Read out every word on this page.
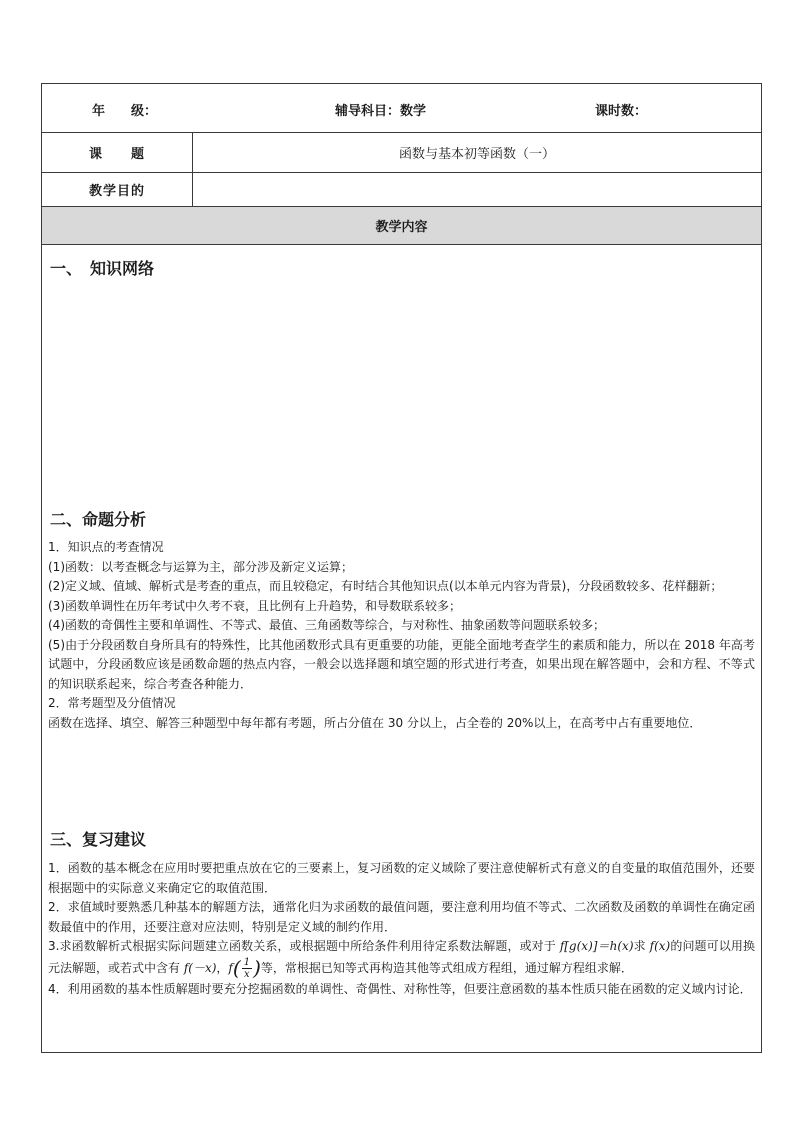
年　　级：	辅导科目：数学	课时数：
课　　题	函数与基本初等函数（一）
教学目的
教学内容
一、　知识网络
二、命题分析

1．知识点的考查情况

(1)函数：以考查概念与运算为主，部分涉及新定义运算；

(2)定义域、值域、解析式是考查的重点，而且较稳定，有时结合其他知识点(以本单元内容为背景)，分段函数较多、花样翻新；

(3)函数单调性在历年考试中久考不衰，且比例有上升趋势，和导数联系较多；

(4)函数的奇偶性主要和单调性、不等式、最值、三角函数等综合，与对称性、抽象函数等问题联系较多；

(5)由于分段函数自身所具有的特殊性，比其他函数形式具有更重要的功能，更能全面地考查学生的素质和能力，所以在 2018 年高考试题中，分段函数应该是函数命题的热点内容，一般会以选择题和填空题的形式进行考查，如果出现在解答题中，会和方程、不等式的知识联系起来，综合考查各种能力．

2．常考题型及分值情况

函数在选择、填空、解答三种题型中每年都有考题，所占分值在 30 分以上，占全卷的 20%以上，在高考中占有重要地位．

三、复习建议

1．函数的基本概念在应用时要把重点放在它的三要素上，复习函数的定义域除了要注意使解析式有意义的自变量的取值范围外，还要根据题中的实际意义来确定它的取值范围．

2．求值域时要熟悉几种基本的解题方法，通常化归为求函数的最值问题，要注意利用均值不等式、二次函数及函数的单调性在确定函数最值中的作用，还要注意对应法则，特别是定义域的制约作用．

3.求函数解析式根据实际问题建立函数关系，或根据题中所给条件利用待定系数法解题，或对于 f[g(x)]＝h(x)求 f(x)的问题可以用换元法解题，或若式中含有 f(－x)，$f( \frac{1}{x}$ )等，常根据已知等式再构造其他等式组成方程组，通过解方程组求解．

4．利用函数的基本性质解题时要充分挖掘函数的单调性、奇偶性、对称性等，但要注意函数的基本性质只能在函数的定义域内讨论．
